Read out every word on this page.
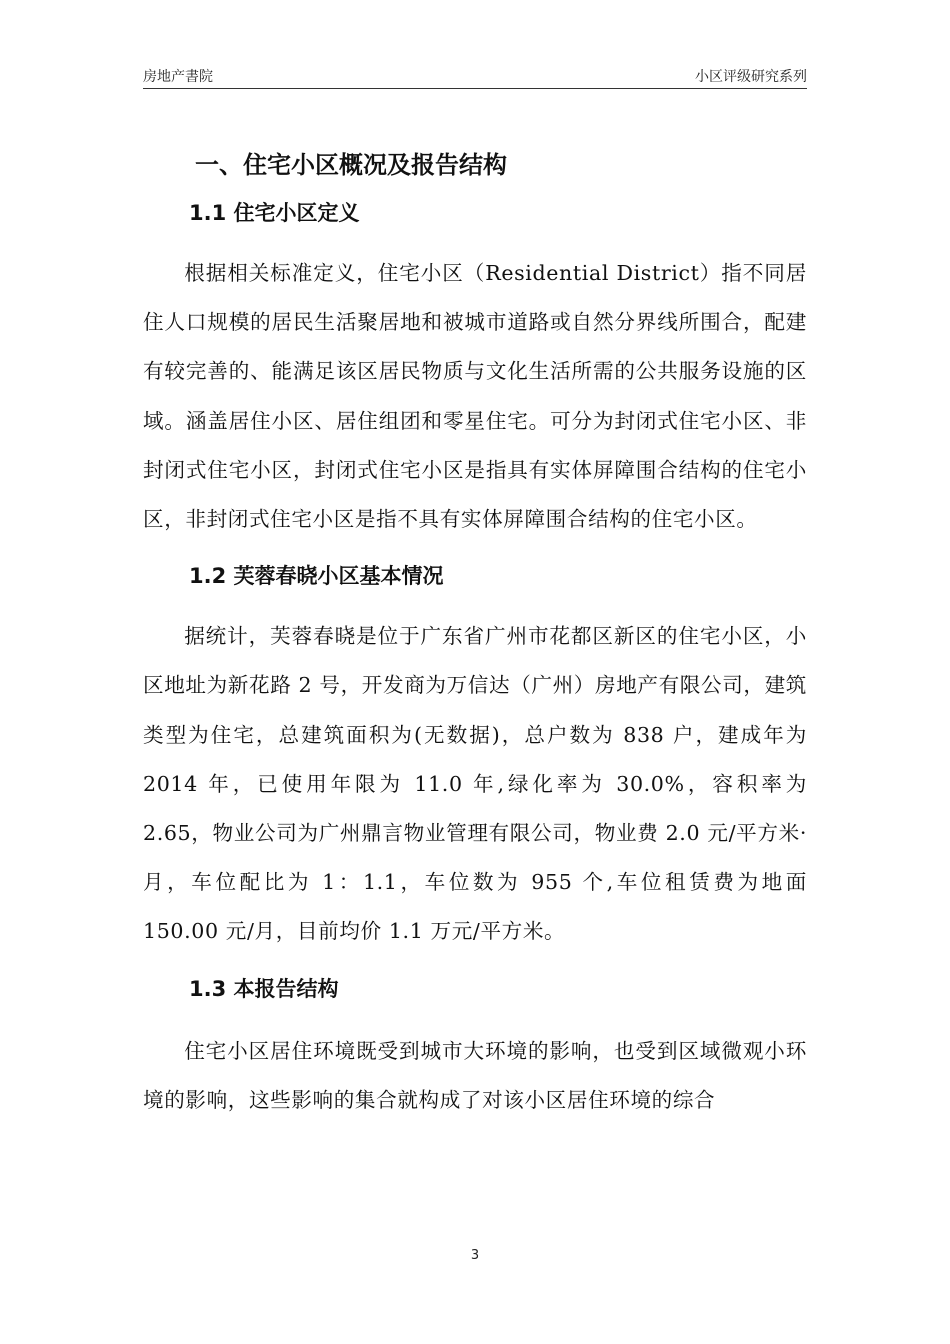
房地产書院	小区评级研究系列
一、住宅小区概况及报告结构
1.1 住宅小区定义

根据相关标准定义，住宅小区（Residential District）指不同居住人口规模的居民生活聚居地和被城市道路或自然分界线所围合，配建有较完善的、能满足该区居民物质与文化生活所需的公共服务设施的区域。涵盖居住小区、居住组团和零星住宅。可分为封闭式住宅小区、非封闭式住宅小区，封闭式住宅小区是指具有实体屏障围合结构的住宅小区，非封闭式住宅小区是指不具有实体屏障围合结构的住宅小区。

1.2 芙蓉春晓小区基本情况

据统计，芙蓉春晓是位于广东省广州市花都区新区的住宅小区，小区地址为新花路 2 号，开发商为万信达（广州）房地产有限公司，建筑类型为住宅，总建筑面积为(无数据)，总户数为 838 户，建成年为 2014 年，已使用年限为 11.0 年,绿化率为 30.0%，容积率为 2.65，物业公司为广州鼎言物业管理有限公司，物业费 2.0 元/平方米·月，车位配比为 1：1.1，车位数为 955 个,车位租赁费为地面 150.00 元/月，目前均价 1.1 万元/平方米。

1.3 本报告结构

住宅小区居住环境既受到城市大环境的影响，也受到区域微观小环境的影响，这些影响的集合就构成了对该小区居住环境的综合

3
